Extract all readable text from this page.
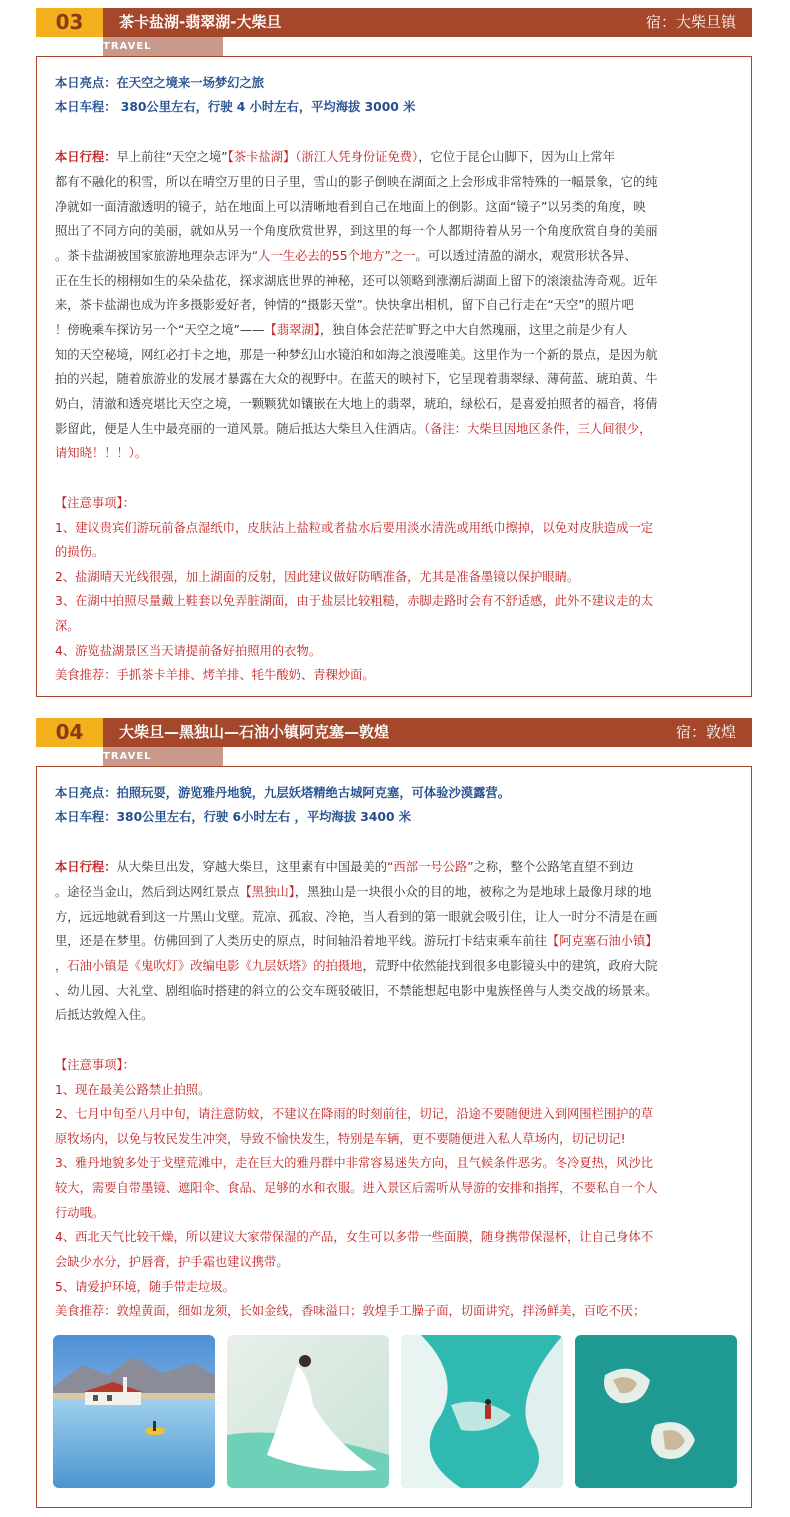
03	茶卡盐湖-翡翠湖-大柴旦	宿：大柴旦镇
TRAVEL
本日亮点：在天空之境来一场梦幻之旅
本日车程： 380公里左右，行驶 4 小时左右，平均海拔 3000 米
本日行程：早上前往“天空之境”【茶卡盐湖】（浙江人凭身份证免费），它位于昆仑山脚下，因为山上常年
都有不融化的积雪，所以在晴空万里的日子里，雪山的影子倒映在湖面之上会形成非常特殊的一幅景象，它的纯
净就如一面清澈透明的镜子，站在地面上可以清晰地看到自己在地面上的倒影。这面“镜子”以另类的角度，映
照出了不同方向的美丽，就如从另一个角度欣赏世界，到这里的每一个人都期待着从另一个角度欣赏自身的美丽
。茶卡盐湖被国家旅游地理杂志评为“人一生必去的55个地方”之一。可以透过清盈的湖水，观赏形状各异、
正在生长的栩栩如生的朵朵盐花，探求湖底世界的神秘，还可以领略到涨潮后湖面上留下的滚滚盐涛奇观。近年
来，茶卡盐湖也成为许多摄影爱好者，钟情的“摄影天堂”。快快拿出相机，留下自己行走在“天空”的照片吧
！傍晚乘车探访另一个“天空之境”——【翡翠湖】，独自体会茫茫旷野之中大自然瑰丽，这里之前是少有人
知的天空秘境，网红必打卡之地，那是一种梦幻山水镜泊和如海之浪漫唯美。这里作为一个新的景点，是因为航
拍的兴起，随着旅游业的发展才暴露在大众的视野中。在蓝天的映衬下，它呈现着翡翠绿、薄荷蓝、琥珀黄、牛
奶白，清澈和透亮堪比天空之境，一颗颗犹如镶嵌在大地上的翡翠，琥珀，绿松石，是喜爱拍照者的福音，将倩
影留此，便是人生中最亮丽的一道风景。随后抵达大柴旦入住酒店。（备注：大柴旦因地区条件，三人间很少，
请知晓！！！）。
【注意事项】：
1、建议贵宾们游玩前备点湿纸巾，皮肤沾上盐粒或者盐水后要用淡水清洗或用纸巾擦掉，以免对皮肤造成一定
的损伤。
2、盐湖晴天光线很强，加上湖面的反射，因此建议做好防晒准备，尤其是准备墨镜以保护眼睛。
3、在湖中拍照尽量戴上鞋套以免弄脏湖面，由于盐层比较粗糙，赤脚走路时会有不舒适感，此外不建议走的太
深。
4、游览盐湖景区当天请提前备好拍照用的衣物。
美食推荐：手抓茶卡羊排、烤羊排、牦牛酸奶、青稞炒面。
04	大柴旦—黑独山—石油小镇阿克塞—敦煌	宿：敦煌
TRAVEL
本日亮点：拍照玩耍，游览雅丹地貌，九层妖塔精绝古城阿克塞，可体验沙漠露营。
本日车程：380公里左右，行驶 6小时左右 ，平均海拔 3400 米
本日行程：从大柴旦出发，穿越大柴旦，这里素有中国最美的“西部一号公路”之称，整个公路笔直望不到边
。途径当金山，然后到达网红景点【黑独山】，黑独山是一块很小众的目的地，被称之为是地球上最像月球的地
方，远远地就看到这一片黑山戈壁。荒凉、孤寂、冷艳，当人看到的第一眼就会吸引住，让人一时分不清是在画
里，还是在梦里。仿佛回到了人类历史的原点，时间轴沿着地平线。游玩打卡结束乘车前往【阿克塞石油小镇】
，石油小镇是《鬼吹灯》改编电影《九层妖塔》的拍摄地，荒野中依然能找到很多电影镜头中的建筑，政府大院
、幼儿园、大礼堂、剧组临时搭建的斜立的公交车斑驳破旧，不禁能想起电影中鬼族怪兽与人类交战的场景来。
后抵达敦煌入住。
【注意事项】：
1、现在最美公路禁止拍照。
2、七月中旬至八月中旬，请注意防蚊，不建议在降雨的时刻前往，切记，沿途不要随便进入到网围栏围护的草
原牧场内，以免与牧民发生冲突，导致不愉快发生，特别是车辆，更不要随便进入私人草场内，切记切记!
3、雅丹地貌多处于戈壁荒滩中，走在巨大的雅丹群中非常容易迷失方向，且气候条件恶劣。冬冷夏热，风沙比
较大，需要自带墨镜、遮阳伞、食品、足够的水和衣服。进入景区后需听从导游的安排和指挥，不要私自一个人
行动哦。
4、西北天气比较干燥，所以建议大家带保湿的产品，女生可以多带一些面膜，随身携带保湿杯，让自己身体不
会缺少水分，护唇膏，护手霜也建议携带。
5、请爱护环境，随手带走垃圾。
美食推荐：敦煌黄面，细如龙须，长如金线，香味溢口；敦煌手工臊子面，切面讲究，拌汤鲜美，百吃不厌；
